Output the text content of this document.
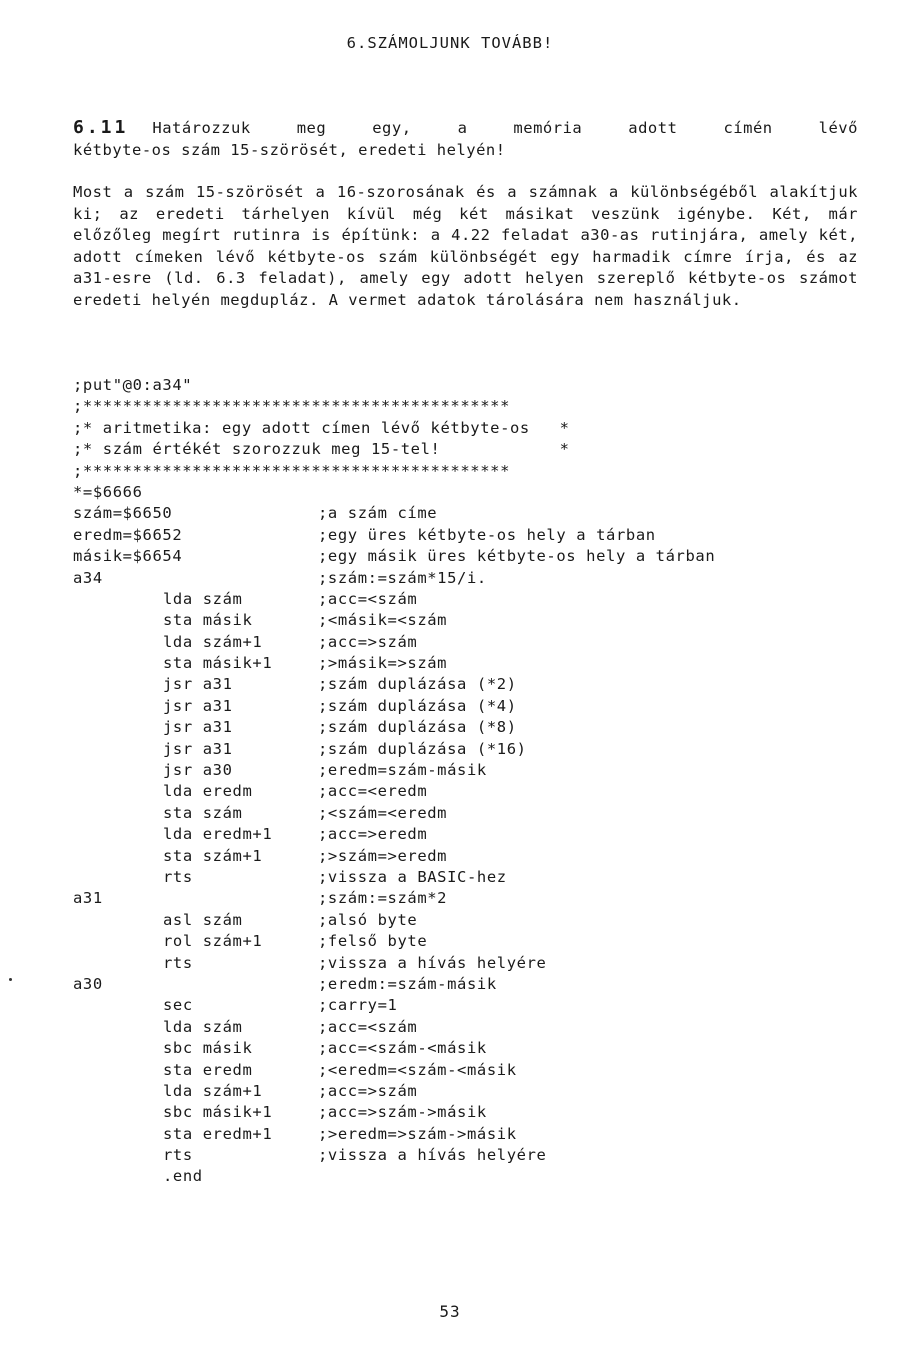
6.SZÁMOLJUNK TOVÁBB!
6.11 Határozzuk	meg	egy,	a	memória	adott	címén	lévő
kétbyte-os szám 15-szörösét, eredeti helyén!
Most a szám 15-szörösét a 16-szorosának és a számnak a különbségéből alakítjuk ki; az eredeti tárhelyen kívül még két másikat veszünk igénybe. Két, már előzőleg megírt rutinra is építünk: a 4.22 feladat a30-as rutinjára, amely két, adott címeken lévő kétbyte-os szám különbségét egy harmadik címre írja, és az a31-esre (ld. 6.3 feladat), amely egy adott helyen szereplő kétbyte-os számot eredeti helyén megdupláz. A vermet adatok tárolására nem használjuk.
;put"@0:a34"
;*******************************************
;* aritmetika: egy adott címen lévő kétbyte-os   *
;* szám értékét szorozzuk meg 15-tel!            *
;*******************************************
*=$6666
szám=$6650	;a szám címe
eredm=$6652	;egy üres kétbyte-os hely a tárban
másik=$6654	;egy másik üres kétbyte-os hely a tárban
a34	;szám:=szám*15/i.
lda szám	;acc=<szám
sta másik	;<másik=<szám
lda szám+1	;acc=>szám
sta másik+1	;>másik=>szám
jsr a31	;szám duplázása (*2)
jsr a31	;szám duplázása (*4)
jsr a31	;szám duplázása (*8)
jsr a31	;szám duplázása (*16)
jsr a30	;eredm=szám-másik
lda eredm	;acc=<eredm
sta szám	;<szám=<eredm
lda eredm+1	;acc=>eredm
sta szám+1	;>szám=>eredm
rts	;vissza a BASIC-hez
a31	;szám:=szám*2
asl szám	;alsó byte
rol szám+1	;felső byte
rts	;vissza a hívás helyére
a30	;eredm:=szám-másik
sec	;carry=1
lda szám	;acc=<szám
sbc másik	;acc=<szám-<másik
sta eredm	;<eredm=<szám-<másik
lda szám+1	;acc=>szám
sbc másik+1	;acc=>szám->másik
sta eredm+1	;>eredm=>szám->másik
rts	;vissza a hívás helyére
.end
53
